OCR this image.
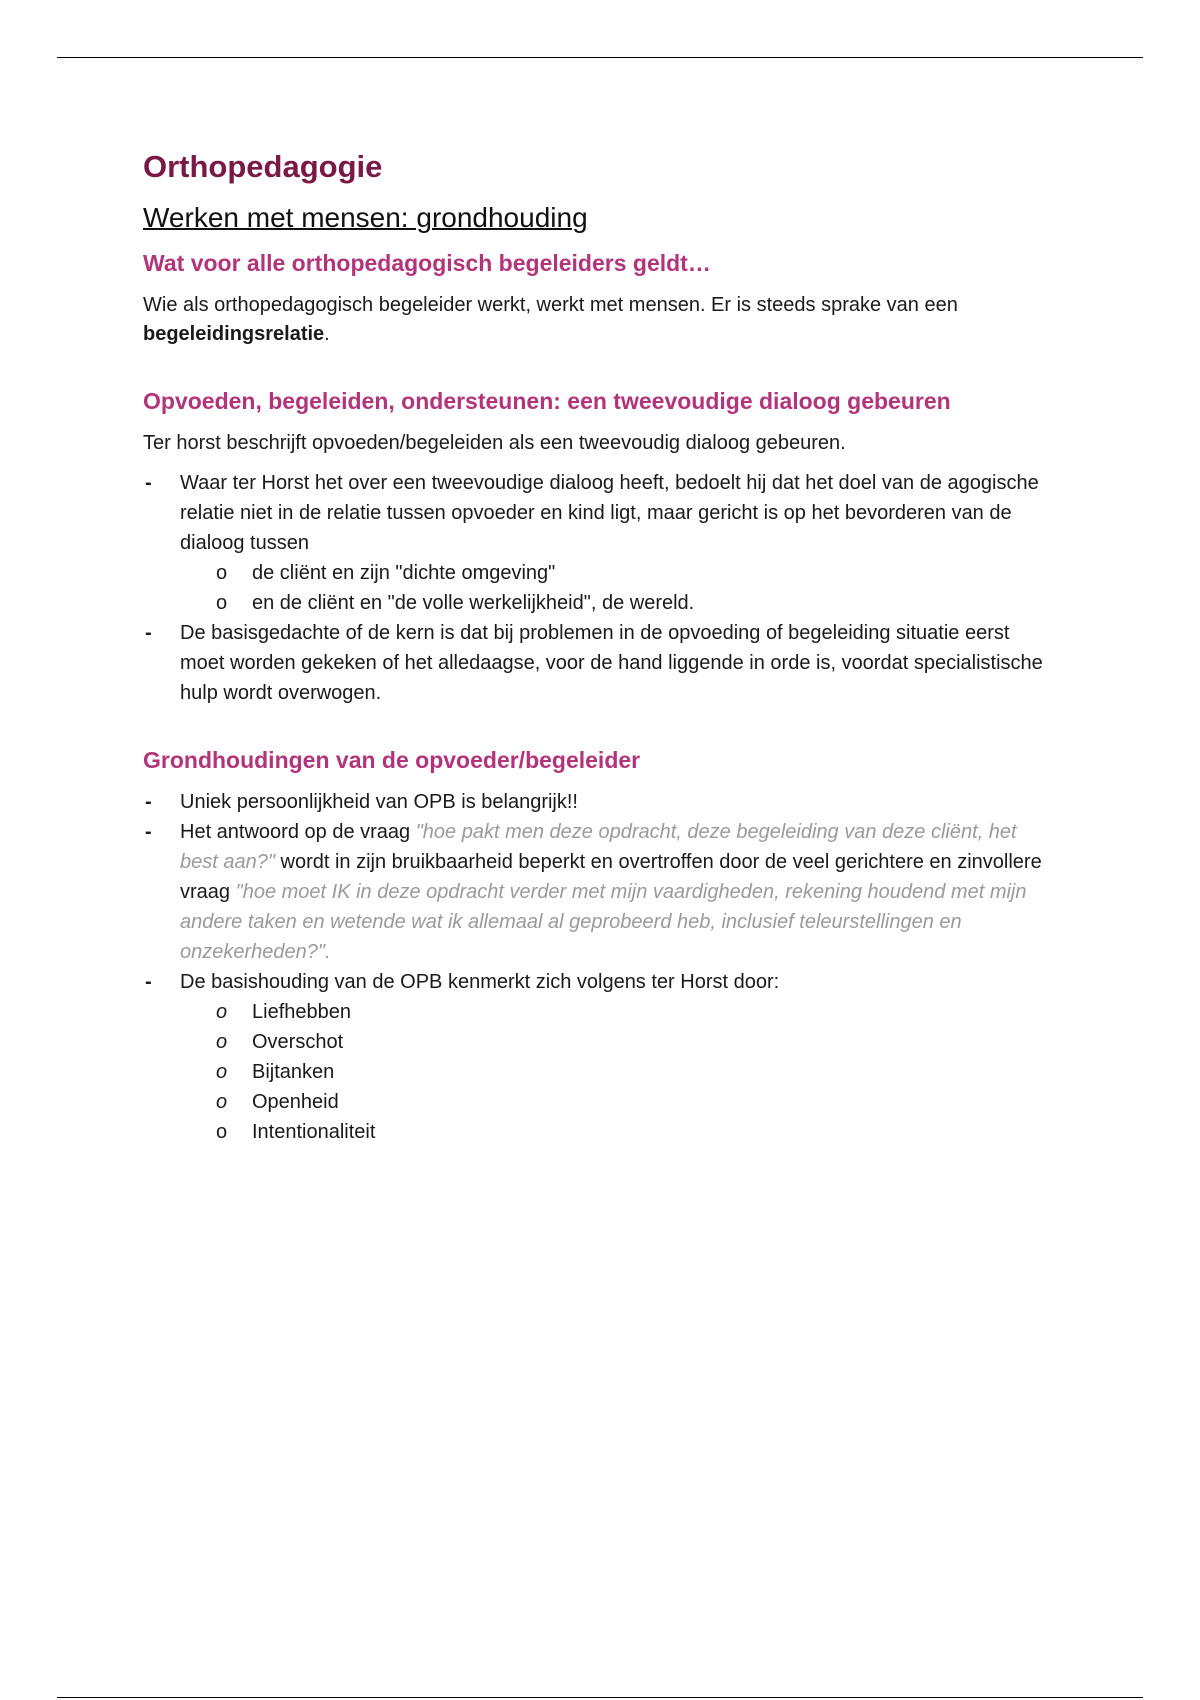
Orthopedagogie
Werken met mensen: grondhouding
Wat voor alle orthopedagogisch begeleiders geldt…

Wie als orthopedagogisch begeleider werkt, werkt met mensen. Er is steeds sprake van een begeleidingsrelatie.

Opvoeden, begeleiden, ondersteunen: een tweevoudige dialoog gebeuren

Ter horst beschrijft opvoeden/begeleiden als een tweevoudig dialoog gebeuren.

- Waar ter Horst het over een tweevoudige dialoog heeft, bedoelt hij dat het doel van de agogische relatie niet in de relatie tussen opvoeder en kind ligt, maar gericht is op het bevorderen van de dialoog tussen
o de cliënt en zijn "dichte omgeving"
o en de cliënt en "de volle werkelijkheid", de wereld.
- De basisgedachte of de kern is dat bij problemen in de opvoeding of begeleiding situatie eerst moet worden gekeken of het alledaagse, voor de hand liggende in orde is, voordat specialistische hulp wordt overwogen.
Grondhoudingen van de opvoeder/begeleider
- Uniek persoonlijkheid van OPB is belangrijk!!
- Het antwoord op de vraag "hoe pakt men deze opdracht, deze begeleiding van deze cliënt, het best aan?" wordt in zijn bruikbaarheid beperkt en overtroffen door de veel gerichtere en zinvollere vraag "hoe moet IK in deze opdracht verder met mijn vaardigheden, rekening houdend met mijn andere taken en wetende wat ik allemaal al geprobeerd heb, inclusief teleurstellingen en onzekerheden?".
- De basishouding van de OPB kenmerkt zich volgens ter Horst door:
o Liefhebben
o Overschot
o Bijtanken
o Openheid
o Intentionaliteit
